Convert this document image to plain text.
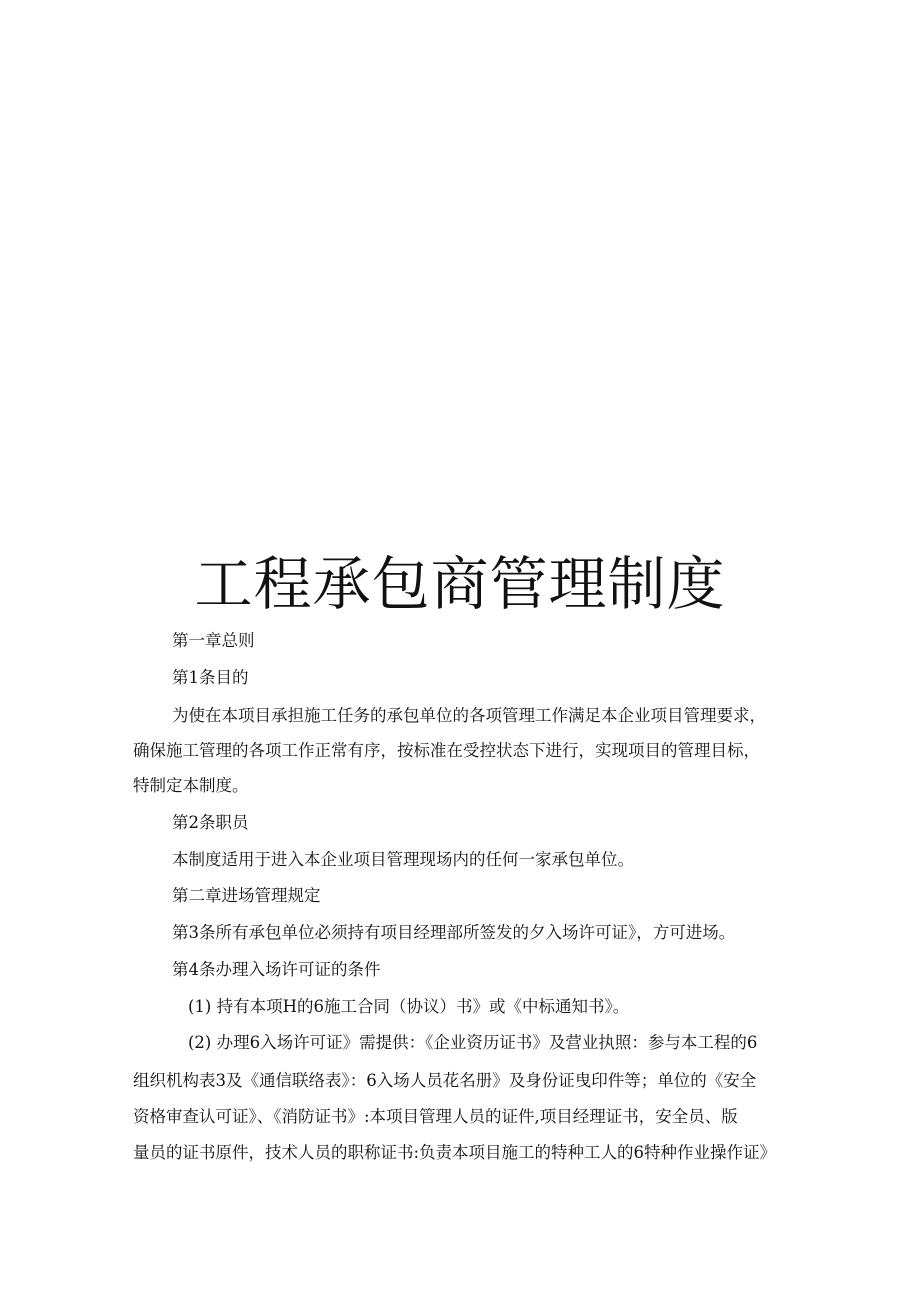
工程承包商管理制度

第一章总则

第1条目的

为使在本项目承担施工任务的承包单位的各项管理工作满足本企业项目管理要求，

确保施工管理的各项工作正常有序，按标准在受控状态下进行，实现项目的管理目标，

特制定本制度。

第2条职员

本制度适用于进入本企业项目管理现场内的任何一家承包单位。

第二章进场管理规定

第3条所有承包单位必须持有项目经理部所签发的夕入场许可证》，方可进场。

第4条办理入场许可证的条件

(1) 持有本项H的6施工合同（协议）书》或《中标通知书》。

(2) 办理6入场许可证》需提供：《企业资历证书》及营业执照：参与本工程的6

组织机构表3及《通信联络表》：6入场人员花名册》及身份证曳印件等；单位的《安全

资格审查认可证》、《消防证书》:本项目管理人员的证件,项目经理证书，安全员、版

量员的证书原件，技术人员的职称证书:负责本项目施工的特种工人的6特种作业操作证》
